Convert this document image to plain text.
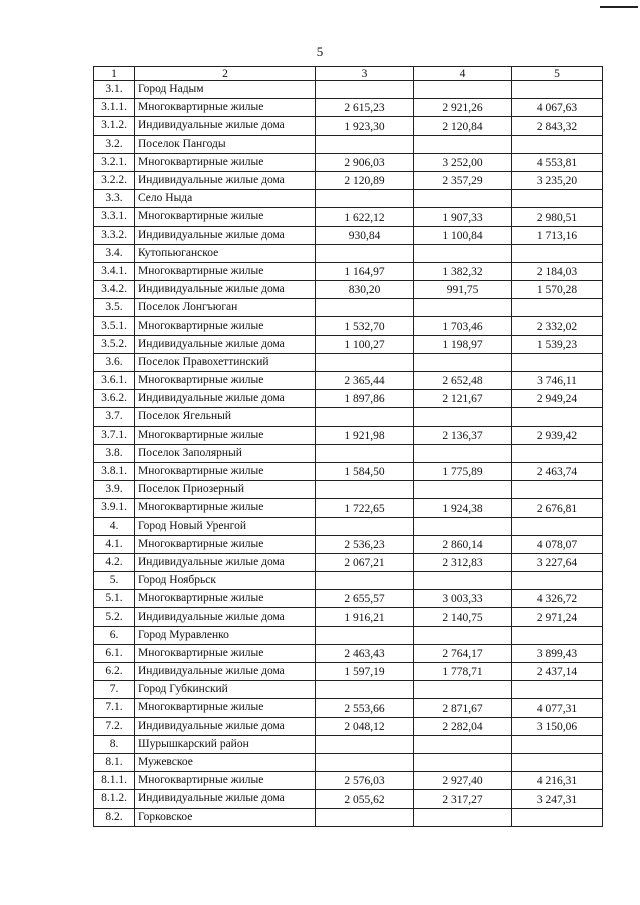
5
1	2	3	4	5
3.1.	Город Надым			
3.1.1.	Многоквартирные жилые	2 615,23	2 921,26	4 067,63
3.1.2.	Индивидуальные жилые дома	1 923,30	2 120,84	2 843,32
3.2.	Поселок Пангоды			
3.2.1.	Многоквартирные жилые	2 906,03	3 252,00	4 553,81
3.2.2.	Индивидуальные жилые дома	2 120,89	2 357,29	3 235,20
3.3.	Село Ныда			
3.3.1.	Многоквартирные жилые	1 622,12	1 907,33	2 980,51
3.3.2.	Индивидуальные жилые дома	930,84	1 100,84	1 713,16
3.4.	Кутопьюганское			
3.4.1.	Многоквартирные жилые	1 164,97	1 382,32	2 184,03
3.4.2.	Индивидуальные жилые дома	830,20	991,75	1 570,28
3.5.	Поселок Лонгъюган			
3.5.1.	Многоквартирные жилые	1 532,70	1 703,46	2 332,02
3.5.2.	Индивидуальные жилые дома	1 100,27	1 198,97	1 539,23
3.6.	Поселок Правохеттинский			
3.6.1.	Многоквартирные жилые	2 365,44	2 652,48	3 746,11
3.6.2.	Индивидуальные жилые дома	1 897,86	2 121,67	2 949,24
3.7.	Поселок Ягельный			
3.7.1.	Многоквартирные жилые	1 921,98	2 136,37	2 939,42
3.8.	Поселок Заполярный			
3.8.1.	Многоквартирные жилые	1 584,50	1 775,89	2 463,74
3.9.	Поселок Приозерный			
3.9.1.	Многоквартирные жилые	1 722,65	1 924,38	2 676,81
4.	Город Новый Уренгой			
4.1.	Многоквартирные жилые	2 536,23	2 860,14	4 078,07
4.2.	Индивидуальные жилые дома	2 067,21	2 312,83	3 227,64
5.	Город Ноябрьск			
5.1.	Многоквартирные жилые	2 655,57	3 003,33	4 326,72
5.2.	Индивидуальные жилые дома	1 916,21	2 140,75	2 971,24
6.	Город Муравленко			
6.1.	Многоквартирные жилые	2 463,43	2 764,17	3 899,43
6.2.	Индивидуальные жилые дома	1 597,19	1 778,71	2 437,14
7.	Город Губкинский			
7.1.	Многоквартирные жилые	2 553,66	2 871,67	4 077,31
7.2.	Индивидуальные жилые дома	2 048,12	2 282,04	3 150,06
8.	Шурышкарский район			
8.1.	Мужевское			
8.1.1.	Многоквартирные жилые	2 576,03	2 927,40	4 216,31
8.1.2.	Индивидуальные жилые дома	2 055,62	2 317,27	3 247,31
8.2.	Горковское			
